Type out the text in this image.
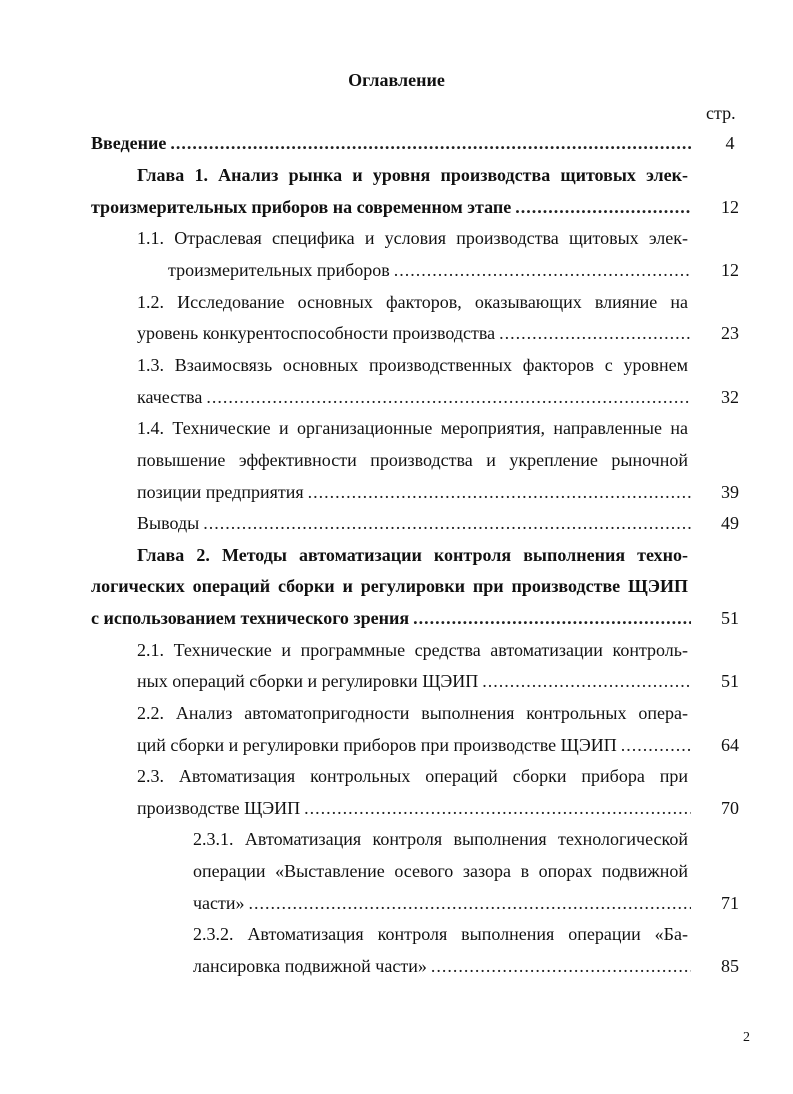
Оглавление
стр.
Введение .....	4
Глава 1. Анализ рынка и уровня производства щитовых элек-
троизмерительных приборов на современном этапе .....	12
1.1. Отраслевая специфика и условия производства щитовых элек-
троизмерительных приборов .....	12
1.2. Исследование основных факторов, оказывающих влияние на
уровень конкурентоспособности производства .....	23
1.3. Взаимосвязь основных производственных факторов с уровнем
качества .....	32
1.4. Технические и организационные мероприятия, направленные на
повышение эффективности производства и укрепление рыночной
позиции предприятия .....	39
Выводы .....	49
Глава 2. Методы автоматизации контроля выполнения техно-
логических операций сборки и регулировки при производстве ЩЭИП
с использованием технического зрения .....	51
2.1. Технические и программные средства автоматизации контроль-
ных операций сборки и регулировки ЩЭИП .....	51
2.2. Анализ автоматопригодности выполнения контрольных опера-
ций сборки и регулировки приборов при производстве ЩЭИП .....	64
2.3. Автоматизация контрольных операций сборки прибора при
производстве ЩЭИП .....	70
2.3.1. Автоматизация контроля выполнения технологической
операции «Выставление осевого зазора в опорах подвижной
части» .....	71
2.3.2. Автоматизация контроля выполнения операции «Ба-
лансировка подвижной части» .....	85
2
